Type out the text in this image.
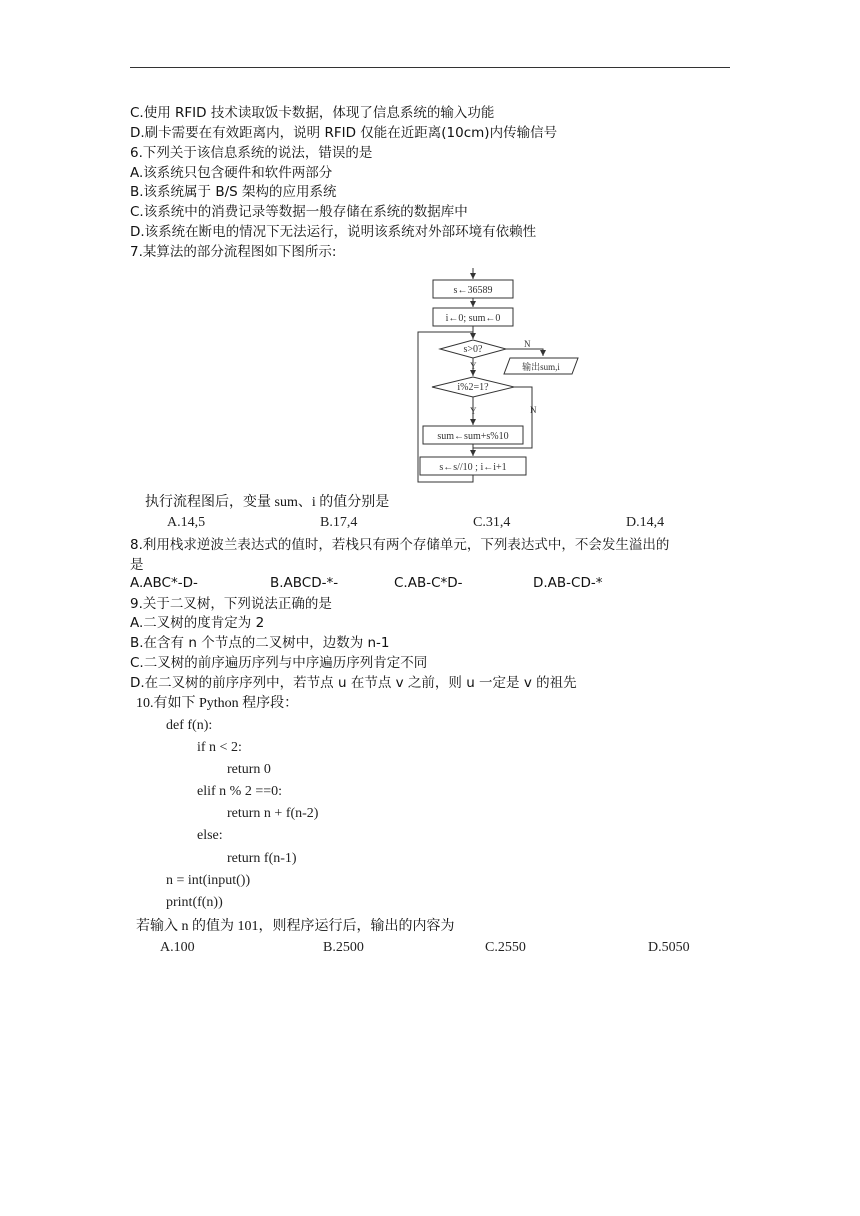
C.使用 RFID 技术读取饭卡数据，体现了信息系统的输入功能
D.刷卡需要在有效距离内，说明 RFID 仅能在近距离(10cm)内传输信号
6.下列关于该信息系统的说法，错误的是
A.该系统只包含硬件和软件两部分
B.该系统属于 B/S 架构的应用系统
C.该系统中的消费记录等数据一般存储在系统的数据库中
D.该系统在断电的情况下无法运行，说明该系统对外部环境有依赖性
7.某算法的部分流程图如下图所示:
s←36589
i←0; sum←0
s>0?
输出sum,i
i%2=1?
sum←sum+s%10
s←s//10 ; i←i+1
Y
N
Y	N
执行流程图后，变量 sum、i 的值分别是
A.14,5	B.17,4	C.31,4	D.14,4
8.利用栈求逆波兰表达式的值时，若栈只有两个存储单元，下列表达式中，不会发生溢出的
是
A.ABC*-D-	B.ABCD-*-	C.AB-C*D-	D.AB-CD-*
9.关于二叉树，下列说法正确的是
A.二叉树的度肯定为 2
B.在含有 n 个节点的二叉树中，边数为 n-1
C.二叉树的前序遍历序列与中序遍历序列肯定不同
D.在二叉树的前序序列中，若节点 u 在节点 v 之前，则 u 一定是 v 的祖先
10.有如下 Python 程序段：
def f(n):
if n < 2:
return 0
elif n % 2 ==0:
return n + f(n-2)
else:
return f(n-1)
n = int(input())
print(f(n))
若输入 n 的值为 101，则程序运行后，输出的内容为
A.100	B.2500	C.2550	D.5050
